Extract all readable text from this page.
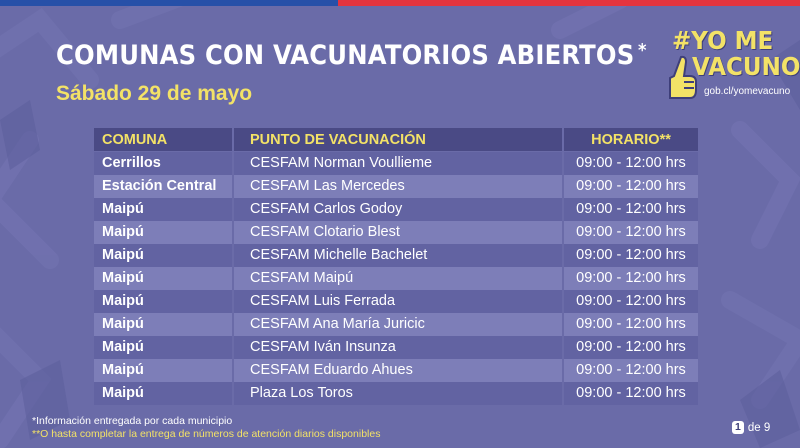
COMUNAS CON VACUNATORIOS ABIERTOS *
Sábado 29 de mayo
#YO ME
VACUNO
gob.cl/yomevacuno
COMUNA	PUNTO DE VACUNACIÓN	HORARIO**
Cerrillos	CESFAM Norman Voullieme	09:00 - 12:00 hrs
Estación Central	CESFAM Las Mercedes	09:00 - 12:00 hrs
Maipú	CESFAM Carlos Godoy	09:00 - 12:00 hrs
Maipú	CESFAM Clotario Blest	09:00 - 12:00 hrs
Maipú	CESFAM Michelle Bachelet	09:00 - 12:00 hrs
Maipú	CESFAM Maipú	09:00 - 12:00 hrs
Maipú	CESFAM Luis Ferrada	09:00 - 12:00 hrs
Maipú	CESFAM Ana María Juricic	09:00 - 12:00 hrs
Maipú	CESFAM Iván Insunza	09:00 - 12:00 hrs
Maipú	CESFAM Eduardo Ahues	09:00 - 12:00 hrs
Maipú	Plaza Los Toros	09:00 - 12:00 hrs
*Información entregada por cada municipio
**O hasta completar la entrega de números de atención diarios disponibles
1 de 9
